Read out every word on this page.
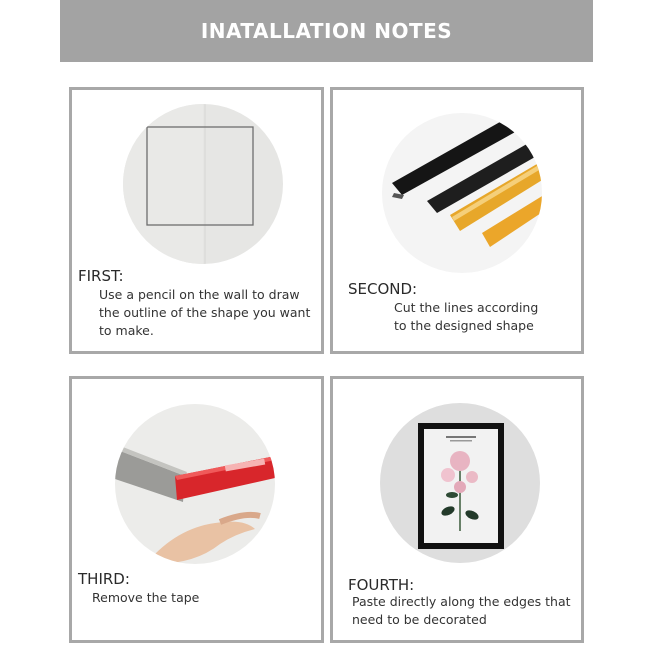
INATALLATION NOTES
FIRST:
Use a pencil on the wall to draw
the outline of the shape you want
to make.
SECOND:
Cut the lines according
to the designed shape
THIRD:
Remove the tape
FOURTH:
Paste directly along the edges that
need to be decorated
